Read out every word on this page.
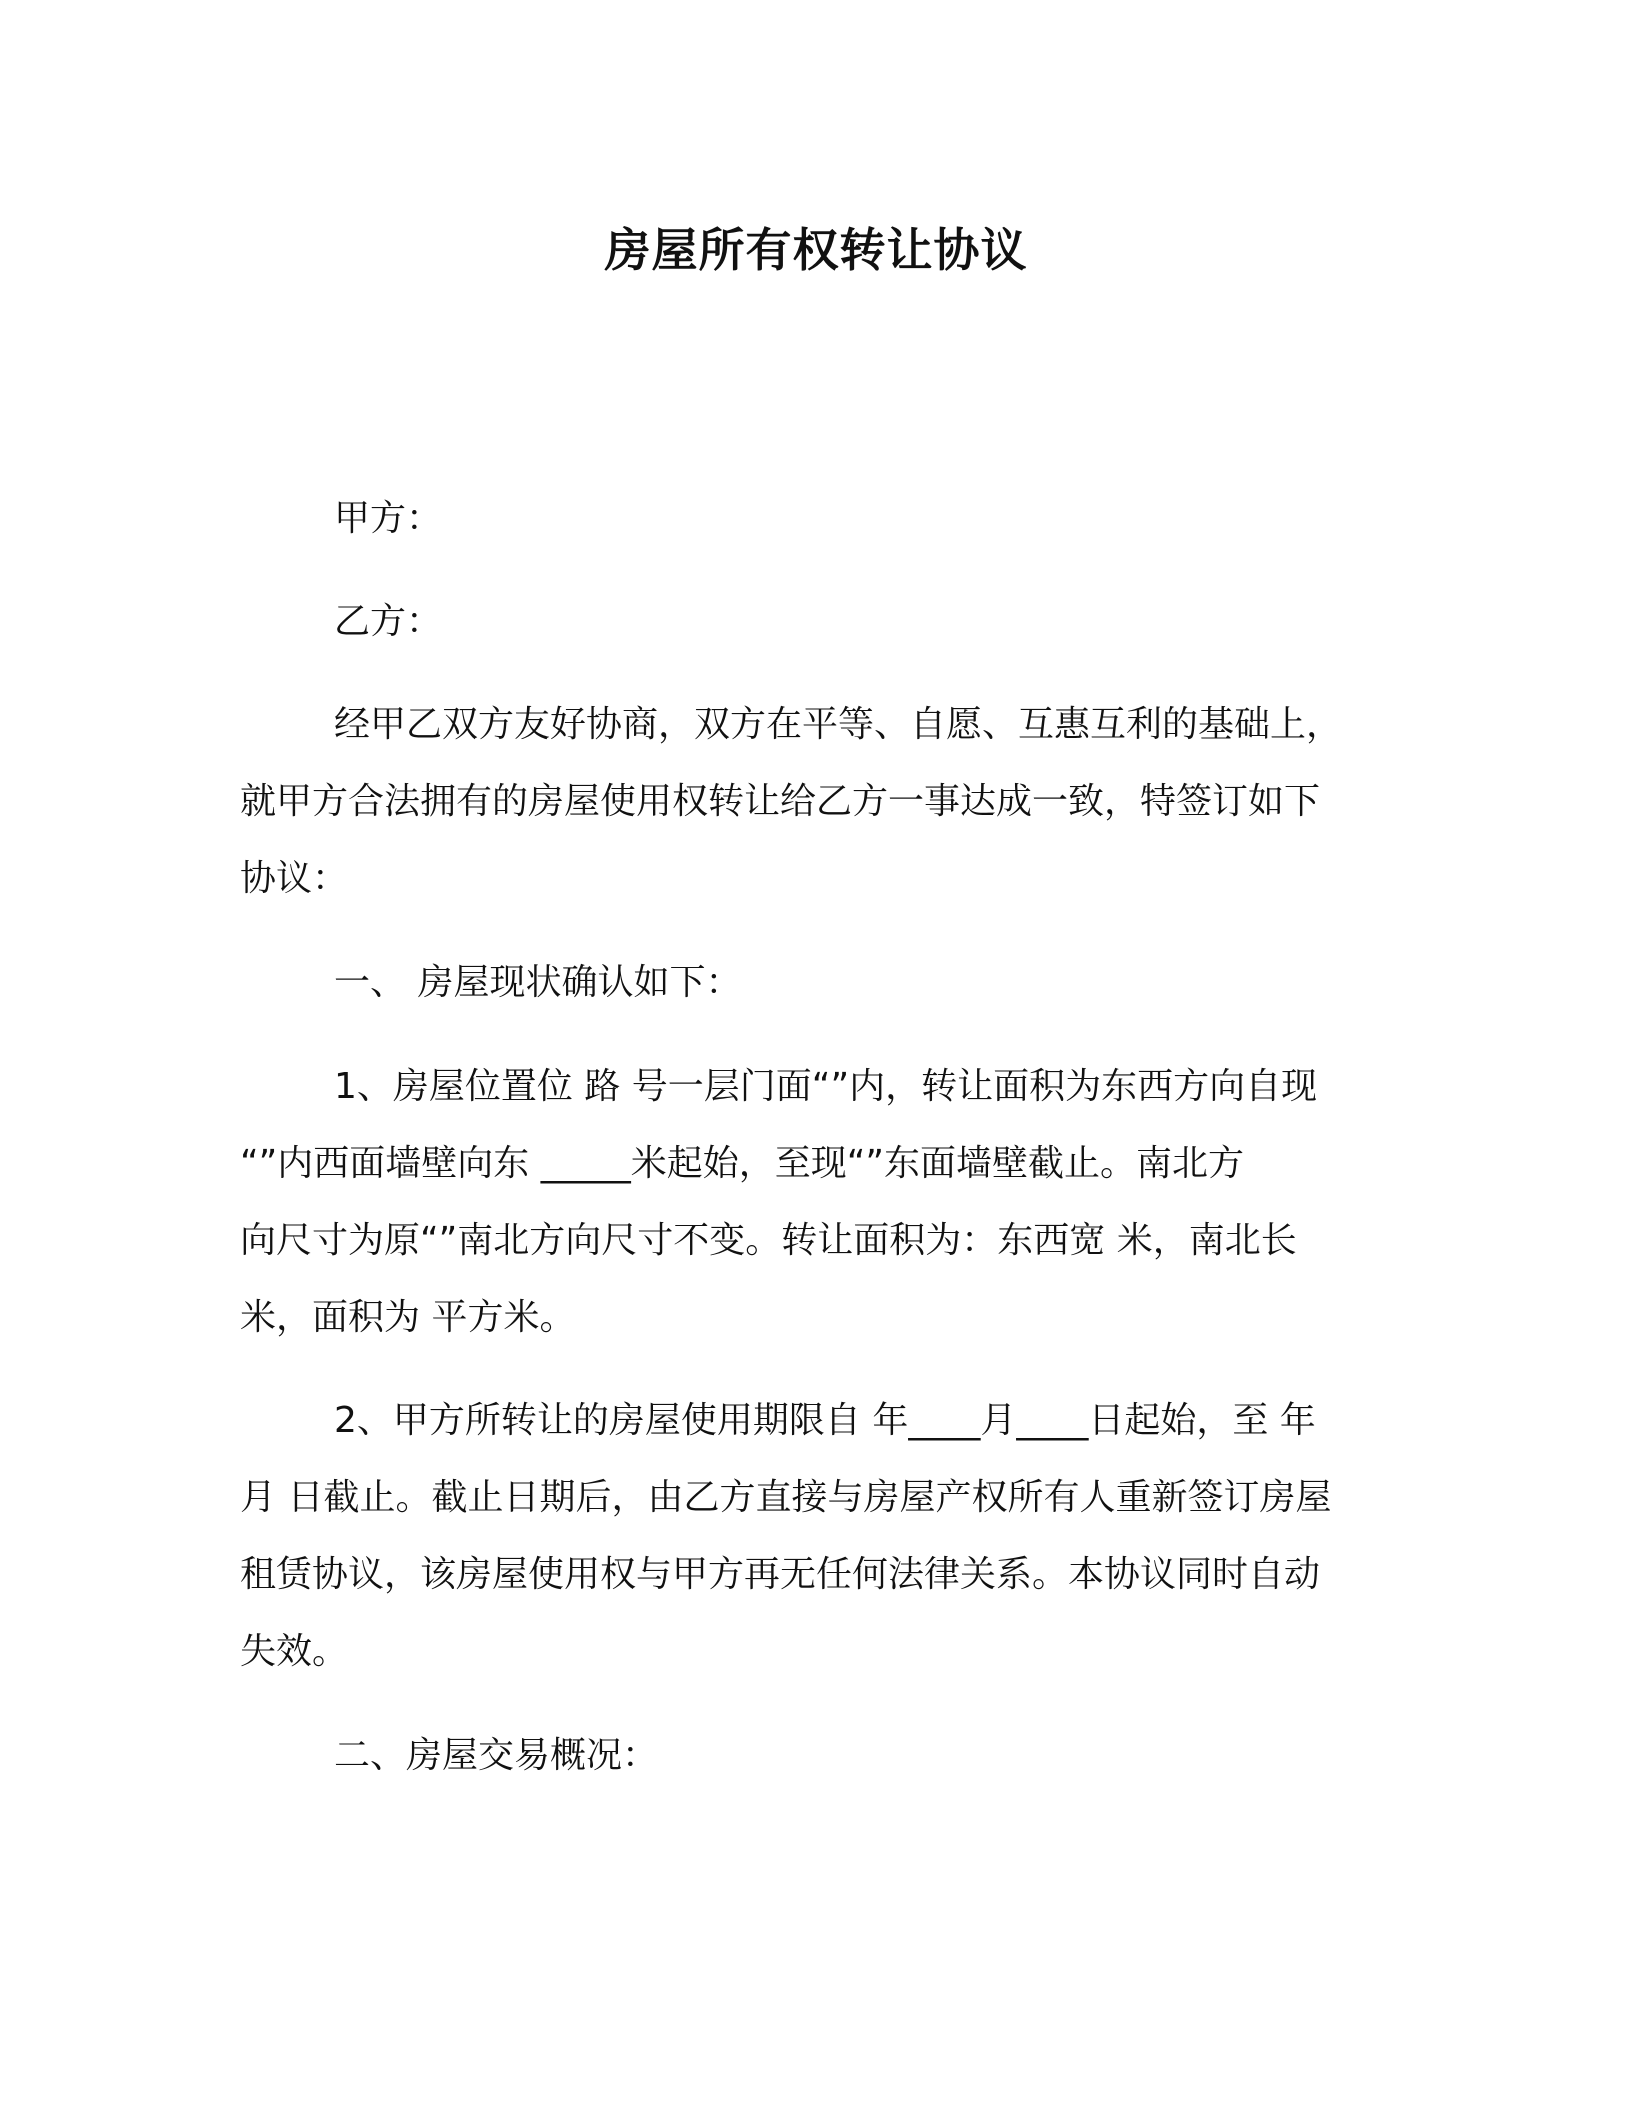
房屋所有权转让协议
甲方：
乙方：
经甲乙双方友好协商，双方在平等、自愿、互惠互利的基础上，
就甲方合法拥有的房屋使用权转让给乙方一事达成一致，特签订如下
协议：
一、 房屋现状确认如下：
1、房屋位置位 路 号一层门面“”内，转让面积为东西方向自现
“”内西面墙壁向东 _____米起始，至现“”东面墙壁截止。南北方
向尺寸为原“”南北方向尺寸不变。转让面积为：东西宽 米，南北长
米，面积为 平方米。
2、甲方所转让的房屋使用期限自 年____月____日起始，至 年
月 日截止。截止日期后，由乙方直接与房屋产权所有人重新签订房屋
租赁协议，该房屋使用权与甲方再无任何法律关系。本协议同时自动
失效。
二、房屋交易概况：
